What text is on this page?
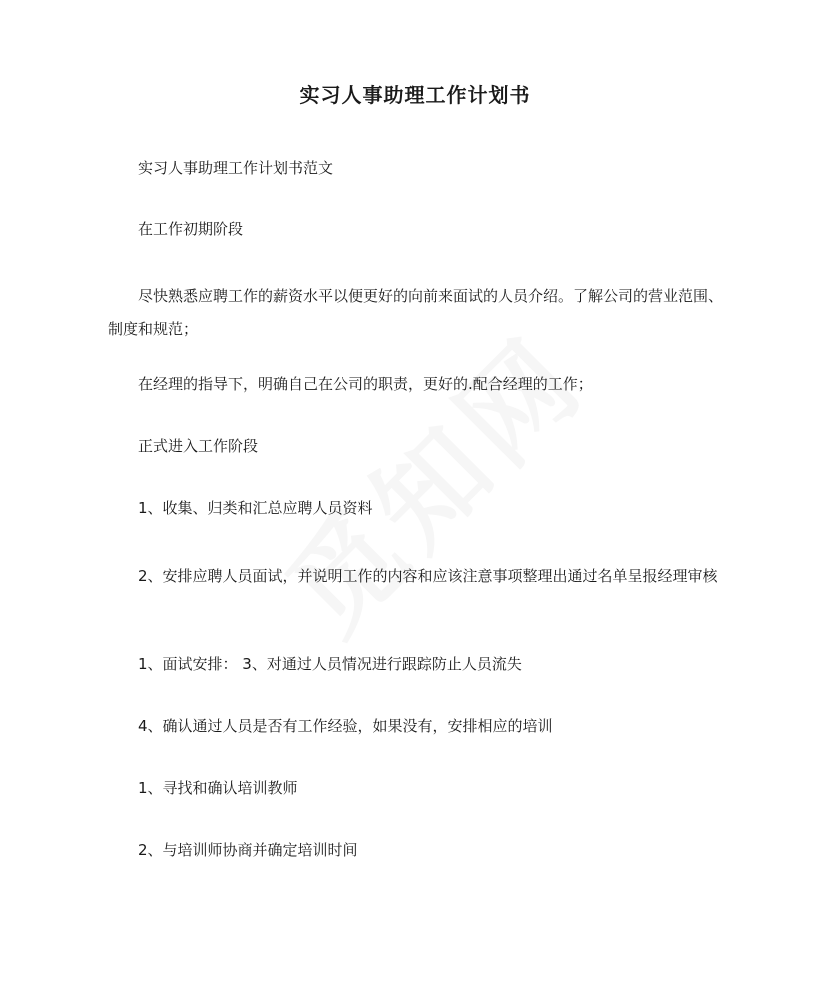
实习人事助理工作计划书
实习人事助理工作计划书范文
在工作初期阶段
尽快熟悉应聘工作的薪资水平以便更好的向前来面试的人员介绍。了解公司的营业范围、制度和规范；
在经理的指导下，明确自己在公司的职责，更好的.配合经理的工作；
正式进入工作阶段
1、收集、归类和汇总应聘人员资料
2、安排应聘人员面试，并说明工作的内容和应该注意事项整理出通过名单呈报经理审核
1、面试安排： 3、对通过人员情况进行跟踪防止人员流失
4、确认通过人员是否有工作经验，如果没有，安排相应的培训
1、寻找和确认培训教师
2、与培训师协商并确定培训时间
